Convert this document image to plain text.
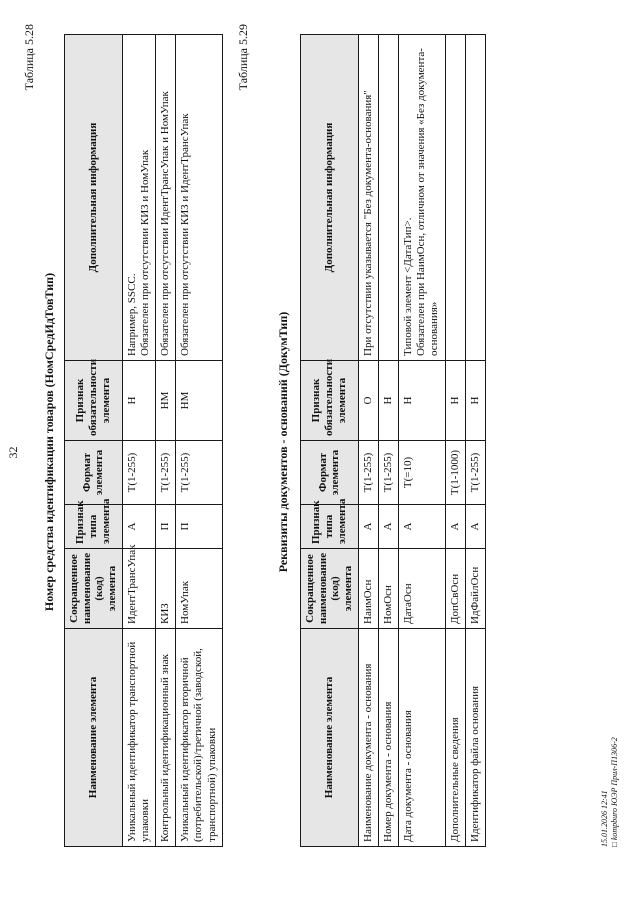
32
Таблица 5.28
Номер средства идентификации товаров (НомСредИдТовТип)
Наименование элемента	Сокращенное наименование (код) элемента	Признак типа элемента	Формат элемента	Признак обязательности элемента	Дополнительная информация
Уникальный идентификатор транспортной упаковки	ИдентТрансУпак	А	T(1-255)	Н	Например, SSCC.
Обязателен при отсутствии КИЗ и НомУпак
Контрольный идентификационный знак	КИЗ	П	T(1-255)	НМ	Обязателен при отсутствии ИдентТрансУпак и НомУпак
Уникальный идентификатор вторичной (потребительской)/третичной (заводской, транспортной) упаковки	НомУпак	П	T(1-255)	НМ	Обязателен при отсутствии КИЗ и ИдентТрансУпак
Таблица 5.29
Реквизиты документов - оснований (ДокумТип)
Наименование элемента	Сокращенное наименование (код) элемента	Признак типа элемента	Формат элемента	Признак обязательности элемента	Дополнительная информация
Наименование документа - основания	НаимОсн	А	T(1-255)	О	При отсутствии указывается "Без документа-основания"
Номер документа - основания	НомОсн	А	T(1-255)	Н	
Дата документа - основания	ДатаОсн	А	T(=10)	Н	Типовой элемент <ДатаТип>.
Обязателен при НаимОсн, отличном от значения «Без документа-основания»
Дополнительные сведения	ДопСвОсн	А	T(1-1000)	Н	
Идентификатор файла основания	ИдФайлОсн	А	T(1-255)	Н	
15.01.2026 12:41 □ kompburo ЮЭР Прил-П1306-2
